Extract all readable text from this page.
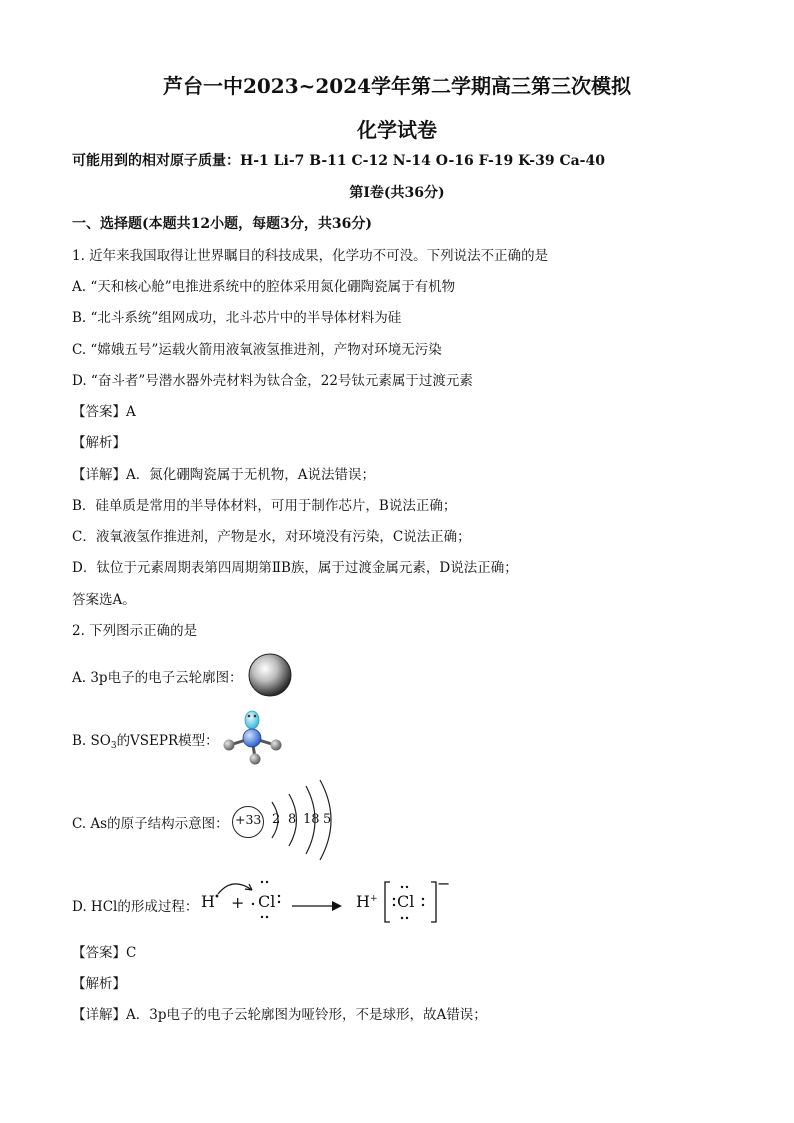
芦台一中2023~2024学年第二学期高三第三次模拟
化学试卷
可能用到的相对原子质量：H-1 Li-7 B-11 C-12 N-14 O-16 F-19 K-39 Ca-40
第Ⅰ卷(共36分)
一、选择题(本题共12小题，每题3分，共36分)
1. 近年来我国取得让世界瞩目的科技成果，化学功不可没。下列说法不正确的是
A. “天和核心舱”电推进系统中的腔体采用氮化硼陶瓷属于有机物
B. “北斗系统”组网成功，北斗芯片中的半导体材料为硅
C. “嫦娥五号”运载火箭用液氧液氢推进剂，产物对环境无污染
D. “奋斗者”号潜水器外壳材料为钛合金，22号钛元素属于过渡元素
【答案】A
【解析】
【详解】A．氮化硼陶瓷属于无机物，A说法错误；
B．硅单质是常用的半导体材料，可用于制作芯片，B说法正确；
C．液氧液氢作推进剂，产物是水，对环境没有污染，C说法正确；
D．钛位于元素周期表第四周期第ⅡB族，属于过渡金属元素，D说法正确；
答案选A。
2. 下列图示正确的是
A. 3p电子的电子云轮廓图：
B. $SO_3$的VSEPR模型：
C. As的原子结构示意图： +33 2 8 18 5
D. HCl的形成过程： H • + Cl → H+ Cl
−
【答案】C
【解析】
【详解】A．3p电子的电子云轮廓图为哑铃形，不是球形，故A错误；
